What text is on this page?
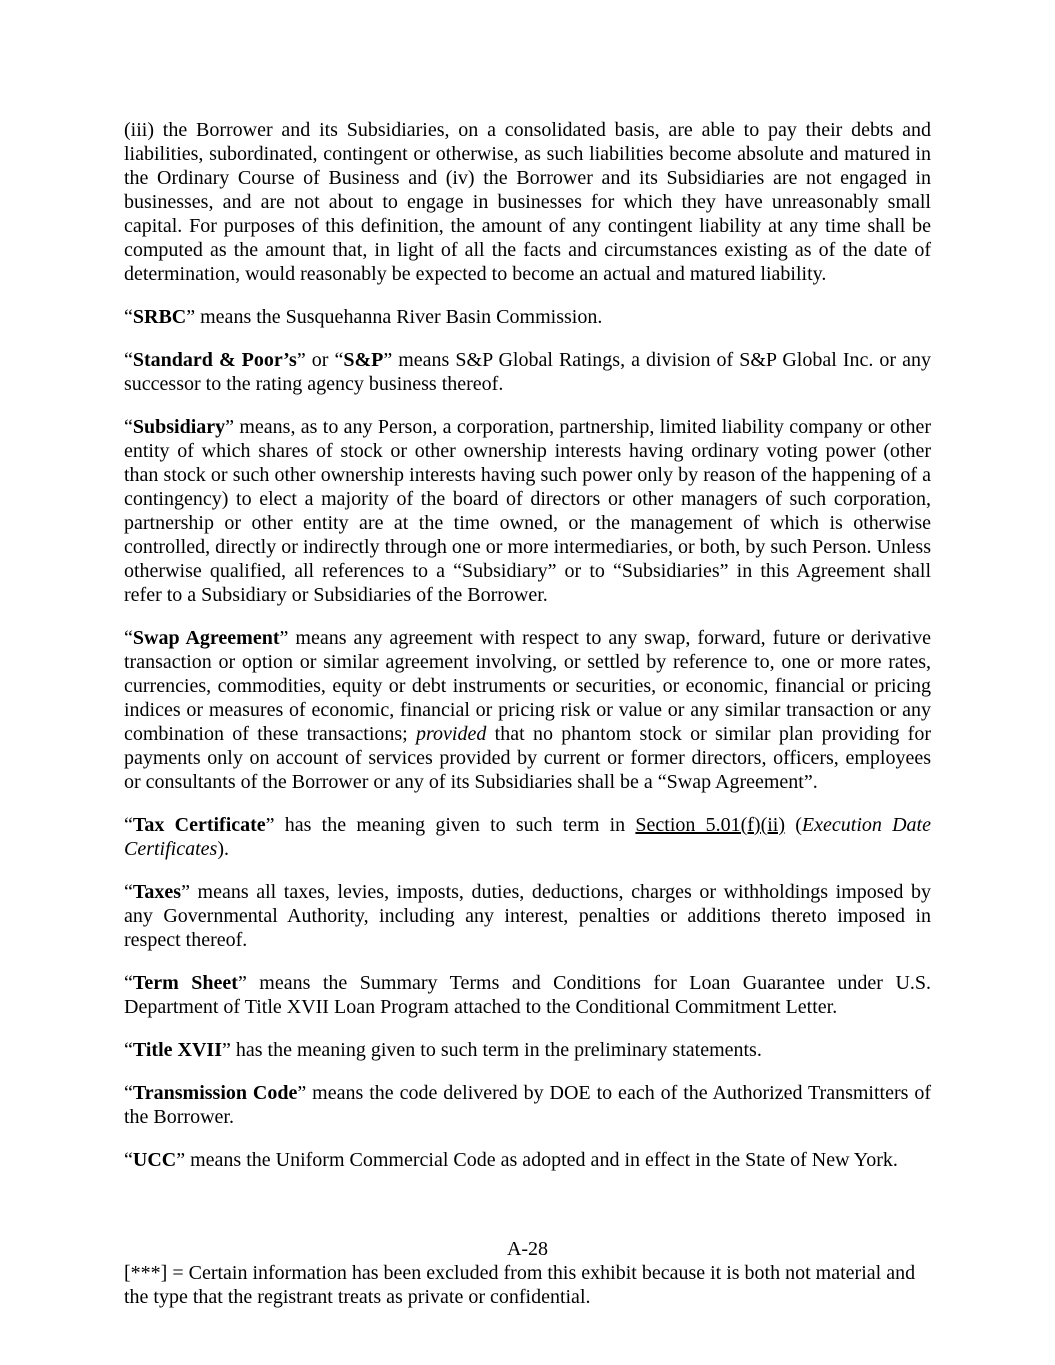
(iii) the Borrower and its Subsidiaries, on a consolidated basis, are able to pay their debts and liabilities, subordinated, contingent or otherwise, as such liabilities become absolute and matured in the Ordinary Course of Business and (iv) the Borrower and its Subsidiaries are not engaged in businesses, and are not about to engage in businesses for which they have unreasonably small capital. For purposes of this definition, the amount of any contingent liability at any time shall be computed as the amount that, in light of all the facts and circumstances existing as of the date of determination, would reasonably be expected to become an actual and matured liability.

“SRBC” means the Susquehanna River Basin Commission.

“Standard & Poor’s” or “S&P” means S&P Global Ratings, a division of S&P Global Inc. or any successor to the rating agency business thereof.

“Subsidiary” means, as to any Person, a corporation, partnership, limited liability company or other entity of which shares of stock or other ownership interests having ordinary voting power (other than stock or such other ownership interests having such power only by reason of the happening of a contingency) to elect a majority of the board of directors or other managers of such corporation, partnership or other entity are at the time owned, or the management of which is otherwise controlled, directly or indirectly through one or more intermediaries, or both, by such Person. Unless otherwise qualified, all references to a “Subsidiary” or to “Subsidiaries” in this Agreement shall refer to a Subsidiary or Subsidiaries of the Borrower.

“Swap Agreement” means any agreement with respect to any swap, forward, future or derivative transaction or option or similar agreement involving, or settled by reference to, one or more rates, currencies, commodities, equity or debt instruments or securities, or economic, financial or pricing indices or measures of economic, financial or pricing risk or value or any similar transaction or any combination of these transactions; provided that no phantom stock or similar plan providing for payments only on account of services provided by current or former directors, officers, employees or consultants of the Borrower or any of its Subsidiaries shall be a “Swap Agreement”.

“Tax Certificate” has the meaning given to such term in Section 5.01(f)(ii) (Execution Date Certificates).

“Taxes” means all taxes, levies, imposts, duties, deductions, charges or withholdings imposed by any Governmental Authority, including any interest, penalties or additions thereto imposed in respect thereof.

“Term Sheet” means the Summary Terms and Conditions for Loan Guarantee under U.S. Department of Title XVII Loan Program attached to the Conditional Commitment Letter.

“Title XVII” has the meaning given to such term in the preliminary statements.

“Transmission Code” means the code delivered by DOE to each of the Authorized Transmitters of the Borrower.

“UCC” means the Uniform Commercial Code as adopted and in effect in the State of New York.

A-28
[***] = Certain information has been excluded from this exhibit because it is both not material and the type that the registrant treats as private or confidential.
